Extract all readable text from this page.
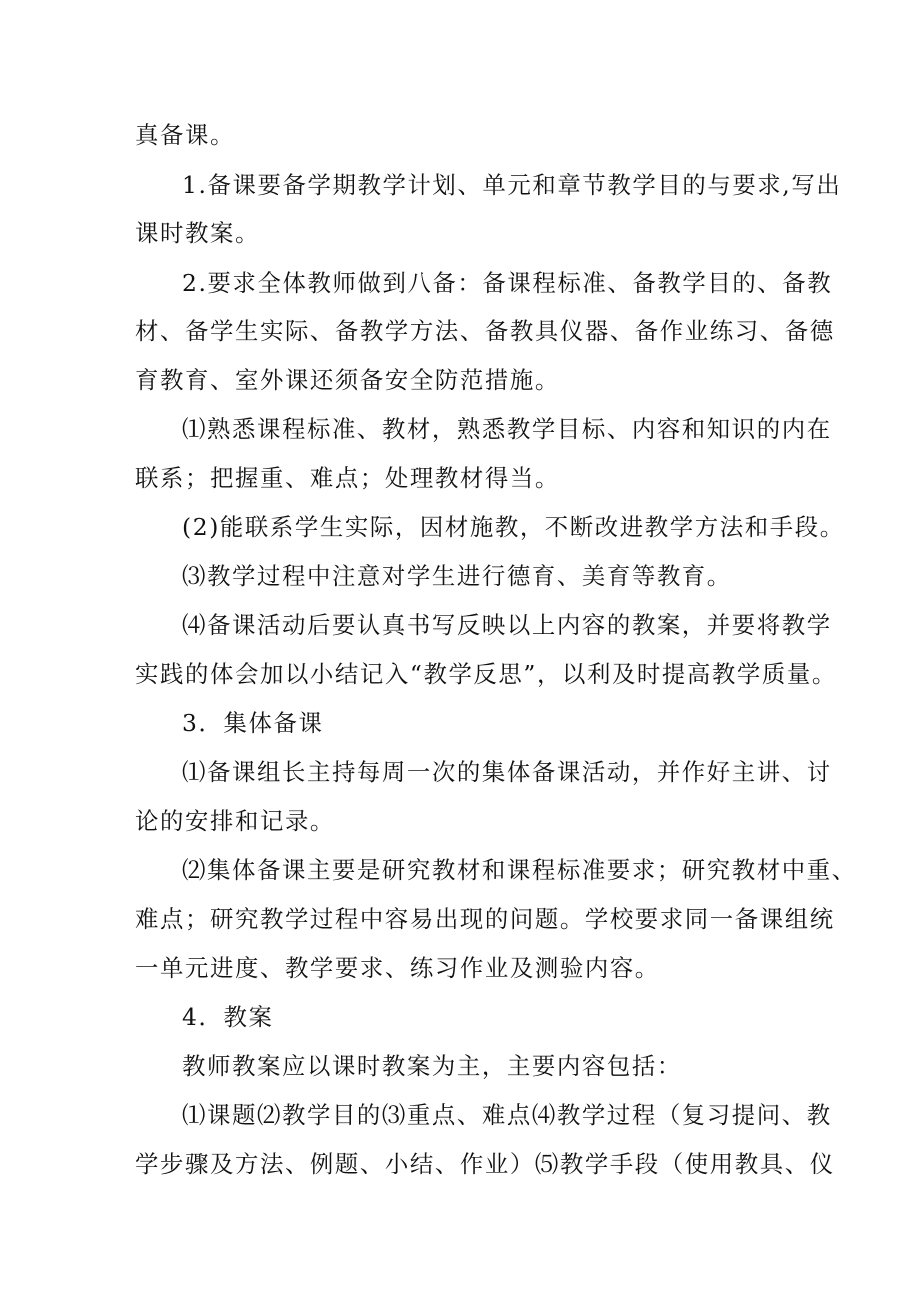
真备课。
1.备课要备学期教学计划、单元和章节教学目的与要求,写出
课时教案。
2.要求全体教师做到八备：备课程标准、备教学目的、备教
材、备学生实际、备教学方法、备教具仪器、备作业练习、备德
育教育、室外课还须备安全防范措施。
⑴熟悉课程标准、教材，熟悉教学目标、内容和知识的内在
联系；把握重、难点；处理教材得当。
(2)能联系学生实际，因材施教，不断改进教学方法和手段。
⑶教学过程中注意对学生进行德育、美育等教育。
⑷备课活动后要认真书写反映以上内容的教案，并要将教学
实践的体会加以小结记入“教学反思”，以利及时提高教学质量。
3．集体备课
⑴备课组长主持每周一次的集体备课活动，并作好主讲、讨
论的安排和记录。
⑵集体备课主要是研究教材和课程标准要求；研究教材中重、
难点；研究教学过程中容易出现的问题。学校要求同一备课组统
一单元进度、教学要求、练习作业及测验内容。
4．教案
教师教案应以课时教案为主，主要内容包括：
⑴课题⑵教学目的⑶重点、难点⑷教学过程（复习提问、教
学步骤及方法、例题、小结、作业）⑸教学手段（使用教具、仪
